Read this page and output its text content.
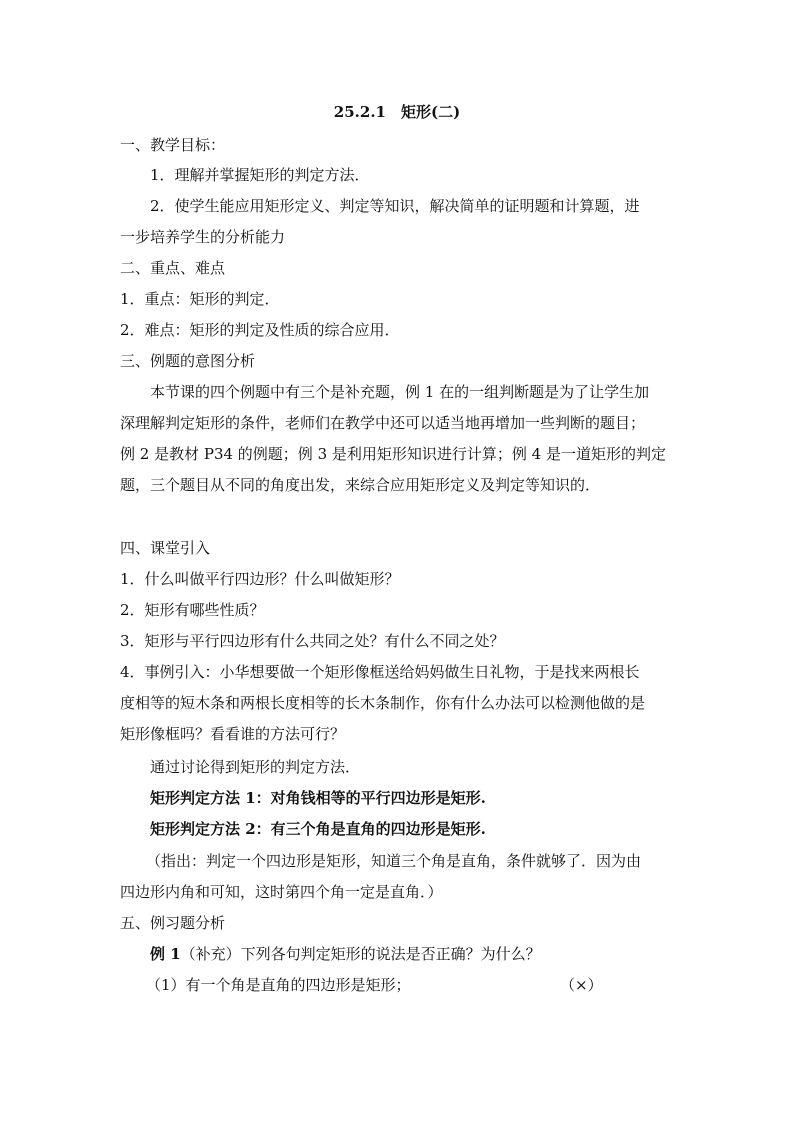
25.2.1　矩形(二)
一、教学目标：
1．理解并掌握矩形的判定方法．
2．使学生能应用矩形定义、判定等知识，解决简单的证明题和计算题，进
一步培养学生的分析能力
二、重点、难点
1．重点：矩形的判定．
2．难点：矩形的判定及性质的综合应用．
三、例题的意图分析
本节课的四个例题中有三个是补充题，例 1 在的一组判断题是为了让学生加
深理解判定矩形的条件，老师们在教学中还可以适当地再增加一些判断的题目；
例 2 是教材 P34 的例题；例 3 是利用矩形知识进行计算；例 4 是一道矩形的判定
题，三个题目从不同的角度出发，来综合应用矩形定义及判定等知识的．
四、课堂引入
1．什么叫做平行四边形？什么叫做矩形？
2．矩形有哪些性质？
3．矩形与平行四边形有什么共同之处？有什么不同之处？
4．事例引入：小华想要做一个矩形像框送给妈妈做生日礼物，于是找来两根长
度相等的短木条和两根长度相等的长木条制作，你有什么办法可以检测他做的是
矩形像框吗？看看谁的方法可行？
通过讨论得到矩形的判定方法．
矩形判定方法 1：对角钱相等的平行四边形是矩形.
矩形判定方法 2：有三个角是直角的四边形是矩形.
（指出：判定一个四边形是矩形，知道三个角是直角，条件就够了．因为由
四边形内角和可知，这时第四个角一定是直角．）
五、例习题分析
例 1（补充）下列各句判定矩形的说法是否正确？为什么？
（1）有一个角是直角的四边形是矩形；	（×）
